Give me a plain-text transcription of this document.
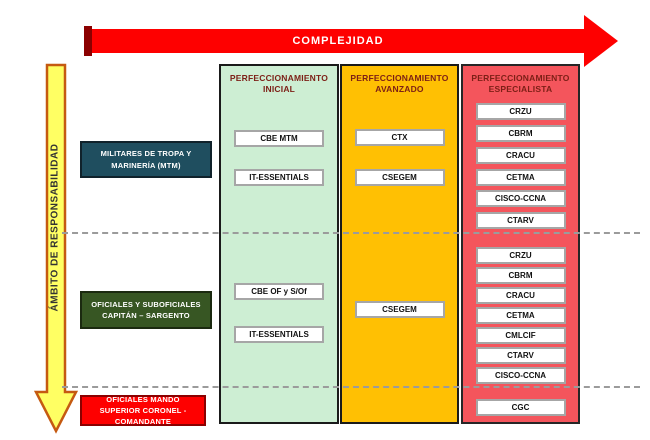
COMPLEJIDAD
ÁMBITO DE RESPONSABILIDAD
PERFECCIONAMIENTO INICIAL
CBE MTM
IT-ESSENTIALS
CBE OF y S/Of
IT-ESSENTIALS
PERFECCIONAMIENTO AVANZADO
CTX
CSEGEM
CSEGEM
PERFECCIONAMIENTO ESPECIALISTA
CRZU
CBRM
CRACU
CETMA
CISCO-CCNA
CTARV
CRZU
CBRM
CRACU
CETMA
CMLCIF
CTARV
CISCO-CCNA
CGC
MILITARES DE TROPA Y MARINERÍA (MTM)
OFICIALES Y SUBOFICIALES CAPITÁN – SARGENTO
OFICIALES MANDO SUPERIOR CORONEL - COMANDANTE
